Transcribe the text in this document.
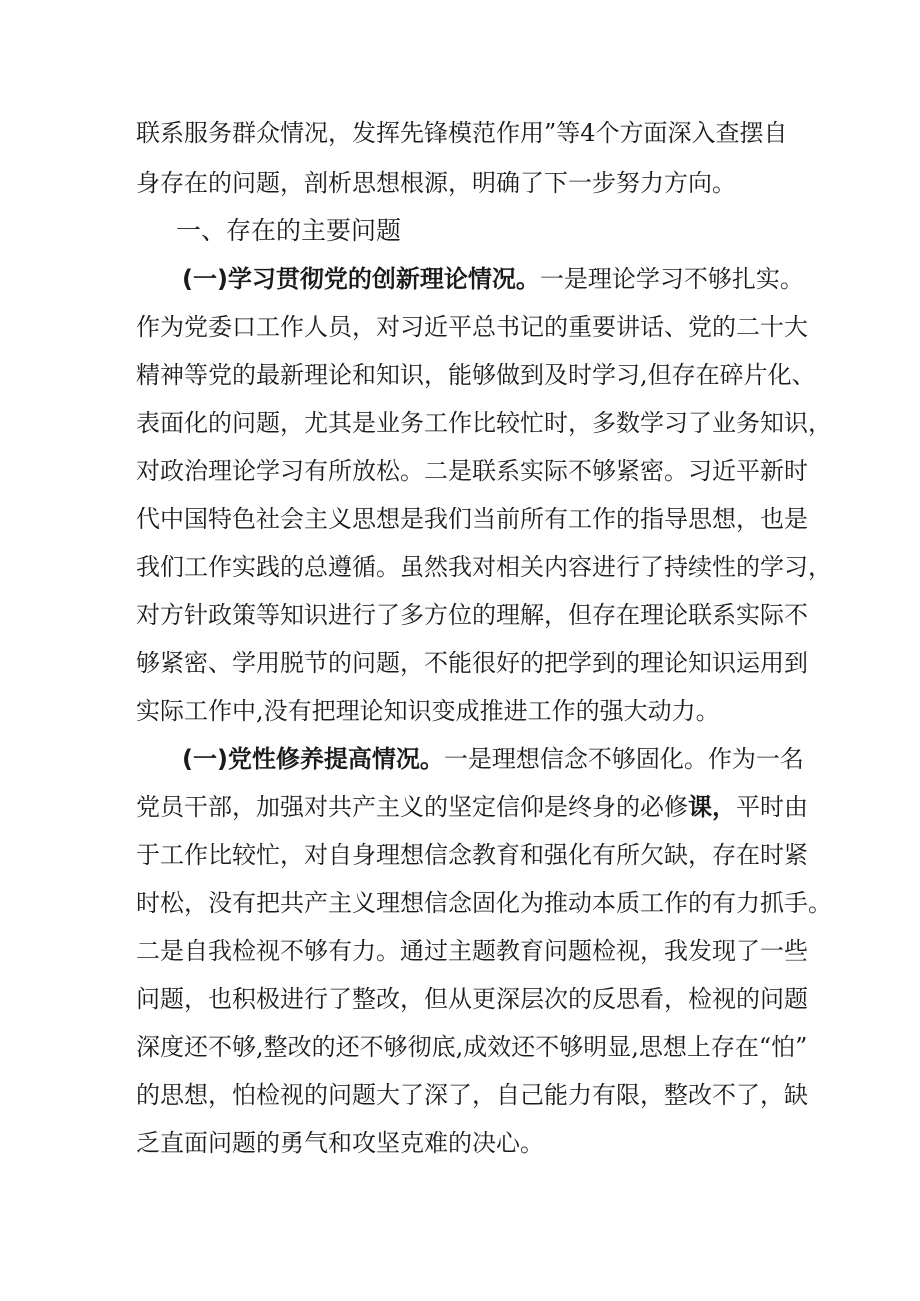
联系服务群众情况，发挥先锋模范作用”等4个方面深入查摆自
身存在的问题，剖析思想根源，明确了下一步努力方向。
一、存在的主要问题
(一)学习贯彻党的创新理论情况。一是理论学习不够扎实。
作为党委口工作人员，对习近平总书记的重要讲话、党的二十大
精神等党的最新理论和知识，能够做到及时学习,但存在碎片化、
表面化的问题，尤其是业务工作比较忙时，多数学习了业务知识，
对政治理论学习有所放松。二是联系实际不够紧密。习近平新时
代中国特色社会主义思想是我们当前所有工作的指导思想，也是
我们工作实践的总遵循。虽然我对相关内容进行了持续性的学习，
对方针政策等知识进行了多方位的理解，但存在理论联系实际不
够紧密、学用脱节的问题，不能很好的把学到的理论知识运用到
实际工作中,没有把理论知识变成推进工作的强大动力。
(一)党性修养提高情况。一是理想信念不够固化。作为一名
党员干部，加强对共产主义的坚定信仰是终身的必修课，平时由
于工作比较忙，对自身理想信念教育和强化有所欠缺，存在时紧
时松，没有把共产主义理想信念固化为推动本质工作的有力抓手。
二是自我检视不够有力。通过主题教育问题检视，我发现了一些
问题，也积极进行了整改，但从更深层次的反思看，检视的问题
深度还不够,整改的还不够彻底,成效还不够明显,思想上存在“怕”
的思想，怕检视的问题大了深了，自己能力有限，整改不了，缺
乏直面问题的勇气和攻坚克难的决心。
